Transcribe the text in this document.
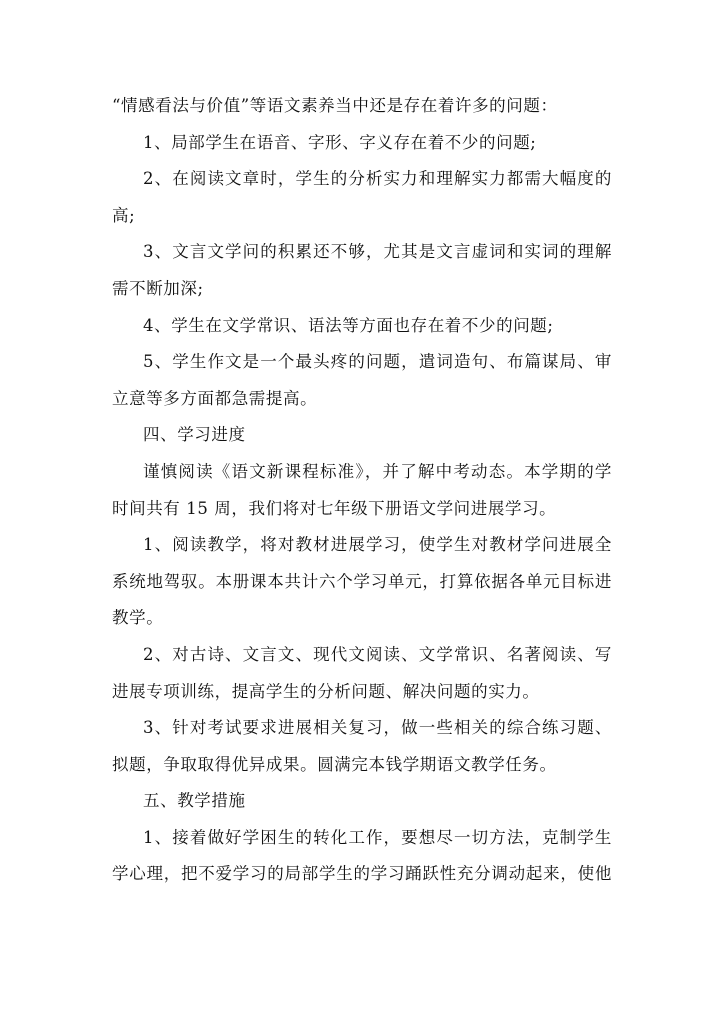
“情感看法与价值”等语文素养当中还是存在着许多的问题：
1、局部学生在语音、字形、字义存在着不少的问题;
2、在阅读文章时，学生的分析实力和理解实力都需大幅度的
高;
3、文言文学问的积累还不够，尤其是文言虚词和实词的理解
需不断加深;
4、学生在文学常识、语法等方面也存在着不少的问题;
5、学生作文是一个最头疼的问题，遣词造句、布篇谋局、审
立意等多方面都急需提高。
四、学习进度
谨慎阅读《语文新课程标准》，并了解中考动态。本学期的学
时间共有 15 周，我们将对七年级下册语文学问进展学习。
1、阅读教学，将对教材进展学习，使学生对教材学问进展全
系统地驾驭。本册课本共计六个学习单元，打算依据各单元目标进
教学。
2、对古诗、文言文、现代文阅读、文学常识、名著阅读、写
进展专项训练，提高学生的分析问题、解决问题的实力。
3、针对考试要求进展相关复习，做一些相关的综合练习题、
拟题，争取取得优异成果。圆满完本钱学期语文教学任务。
五、教学措施
1、接着做好学困生的转化工作，要想尽一切方法，克制学生
学心理，把不爱学习的局部学生的学习踊跃性充分调动起来，使他
